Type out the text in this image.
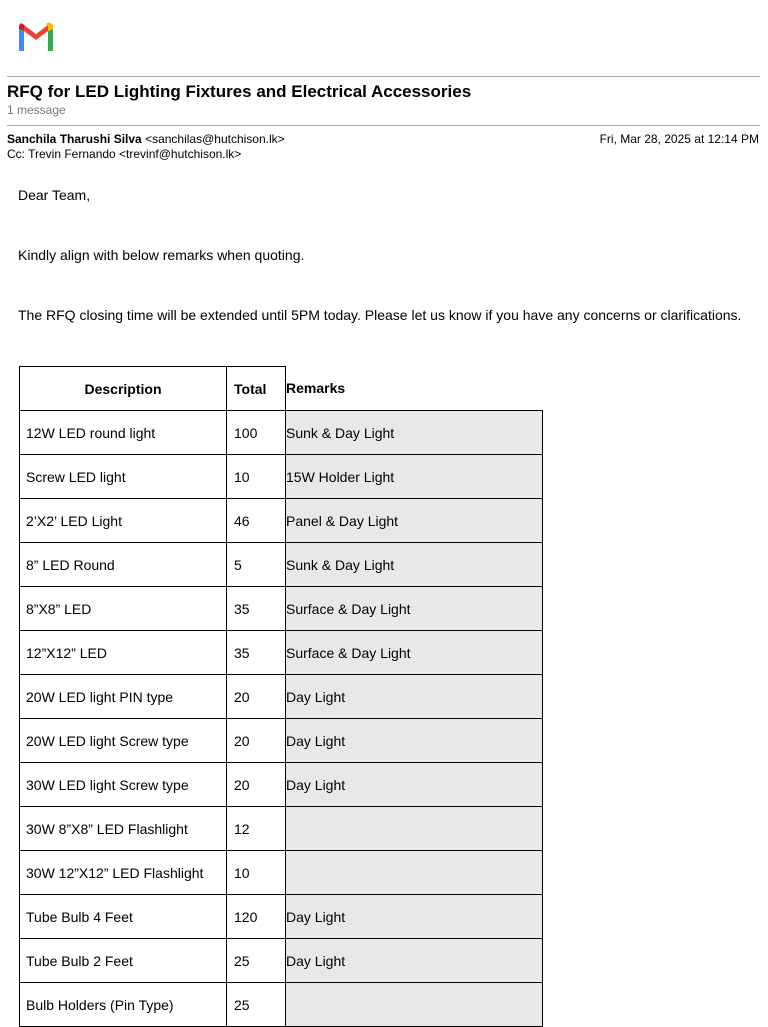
RFQ for LED Lighting Fixtures and Electrical Accessories
1 message
Sanchila Tharushi Silva <sanchilas@hutchison.lk>	Fri, Mar 28, 2025 at 12:14 PM
Cc: Trevin Fernando <trevinf@hutchison.lk>
Dear Team,
Kindly align with below remarks when quoting.
The RFQ closing time will be extended until 5PM today. Please let us know if you have any concerns or clarifications.
Description	Total	Remarks
12W LED round light	100	Sunk & Day Light
Screw LED light	10	15W Holder Light
2’X2’ LED Light	46	Panel & Day Light
8” LED Round	5	Sunk & Day Light
8”X8” LED	35	Surface & Day Light
12”X12” LED	35	Surface & Day Light
20W LED light PIN type	20	Day Light
20W LED light Screw type	20	Day Light
30W LED light Screw type	20	Day Light
30W 8”X8” LED Flashlight	12	
30W 12”X12” LED Flashlight	10	
Tube Bulb 4 Feet	120	Day Light
Tube Bulb 2 Feet	25	Day Light
Bulb Holders (Pin Type)	25	
